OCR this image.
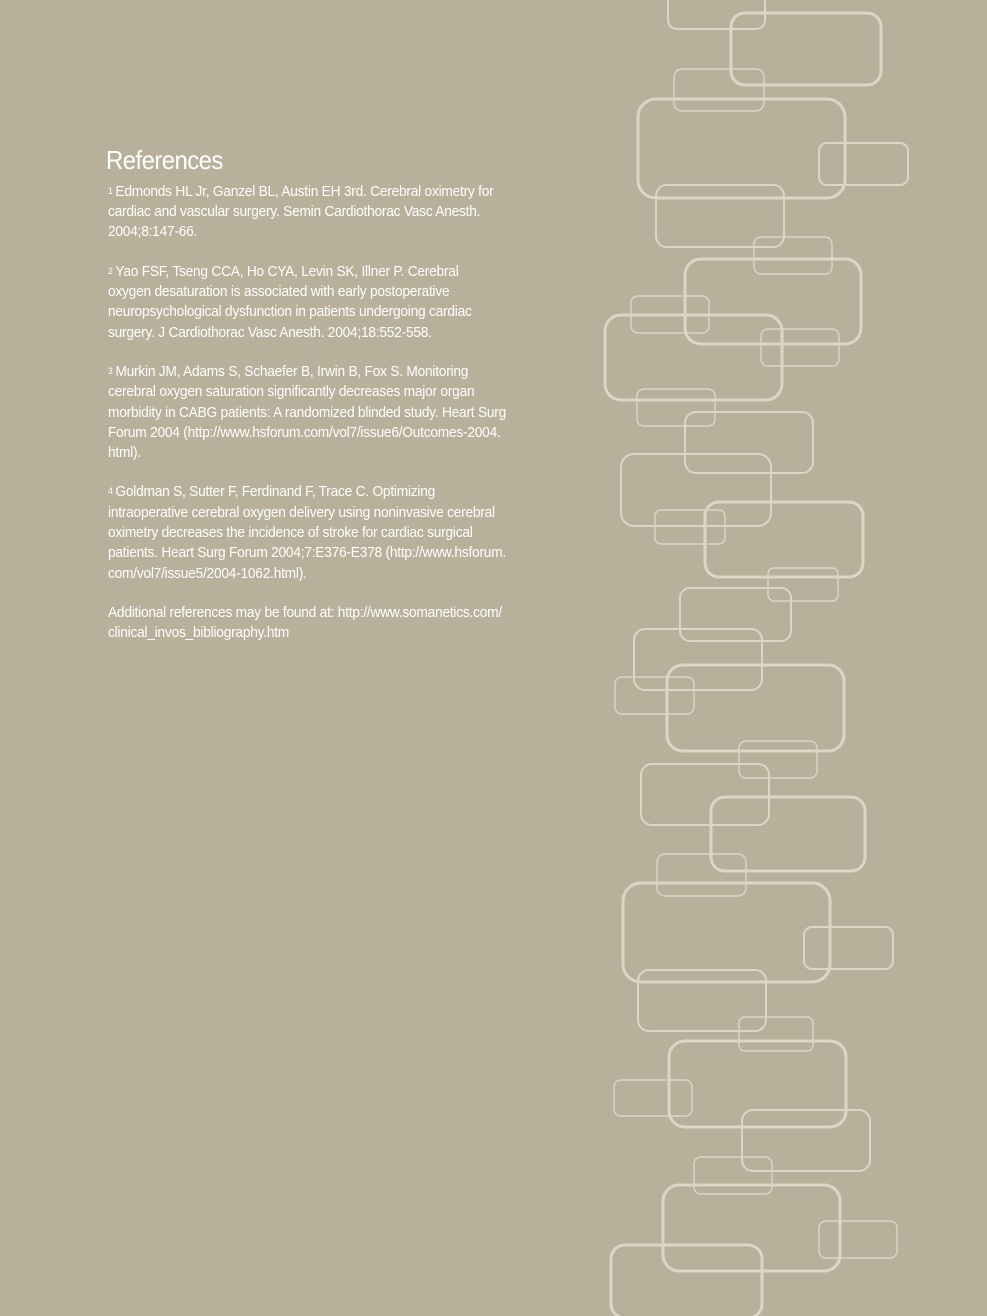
References

$^1$ Edmonds HL Jr, Ganzel BL, Austin EH 3rd. Cerebral oximetry for
cardiac and vascular surgery. Semin Cardiothorac Vasc Anesth.
2004;8:147-66.

$^2$ Yao FSF, Tseng CCA, Ho CYA, Levin SK, Illner P. Cerebral
oxygen desaturation is associated with early postoperative
neuropsychological dysfunction in patients undergoing cardiac
surgery. J Cardiothorac Vasc Anesth. 2004;18:552-558.

$^3$ Murkin JM, Adams S, Schaefer B, Irwin B, Fox S. Monitoring
cerebral oxygen saturation significantly decreases major organ
morbidity in CABG patients: A randomized blinded study. Heart Surg
Forum 2004 (http://www.hsforum.com/vol7/issue6/Outcomes-2004.
html).

$^4$ Goldman S, Sutter F, Ferdinand F, Trace C. Optimizing
intraoperative cerebral oxygen delivery using noninvasive cerebral
oximetry decreases the incidence of stroke for cardiac surgical
patients. Heart Surg Forum 2004;7:E376-E378 (http://www.hsforum.
com/vol7/issue5/2004-1062.html).

Additional references may be found at: http://www.somanetics.com/
clinical_invos_bibliography.htm
